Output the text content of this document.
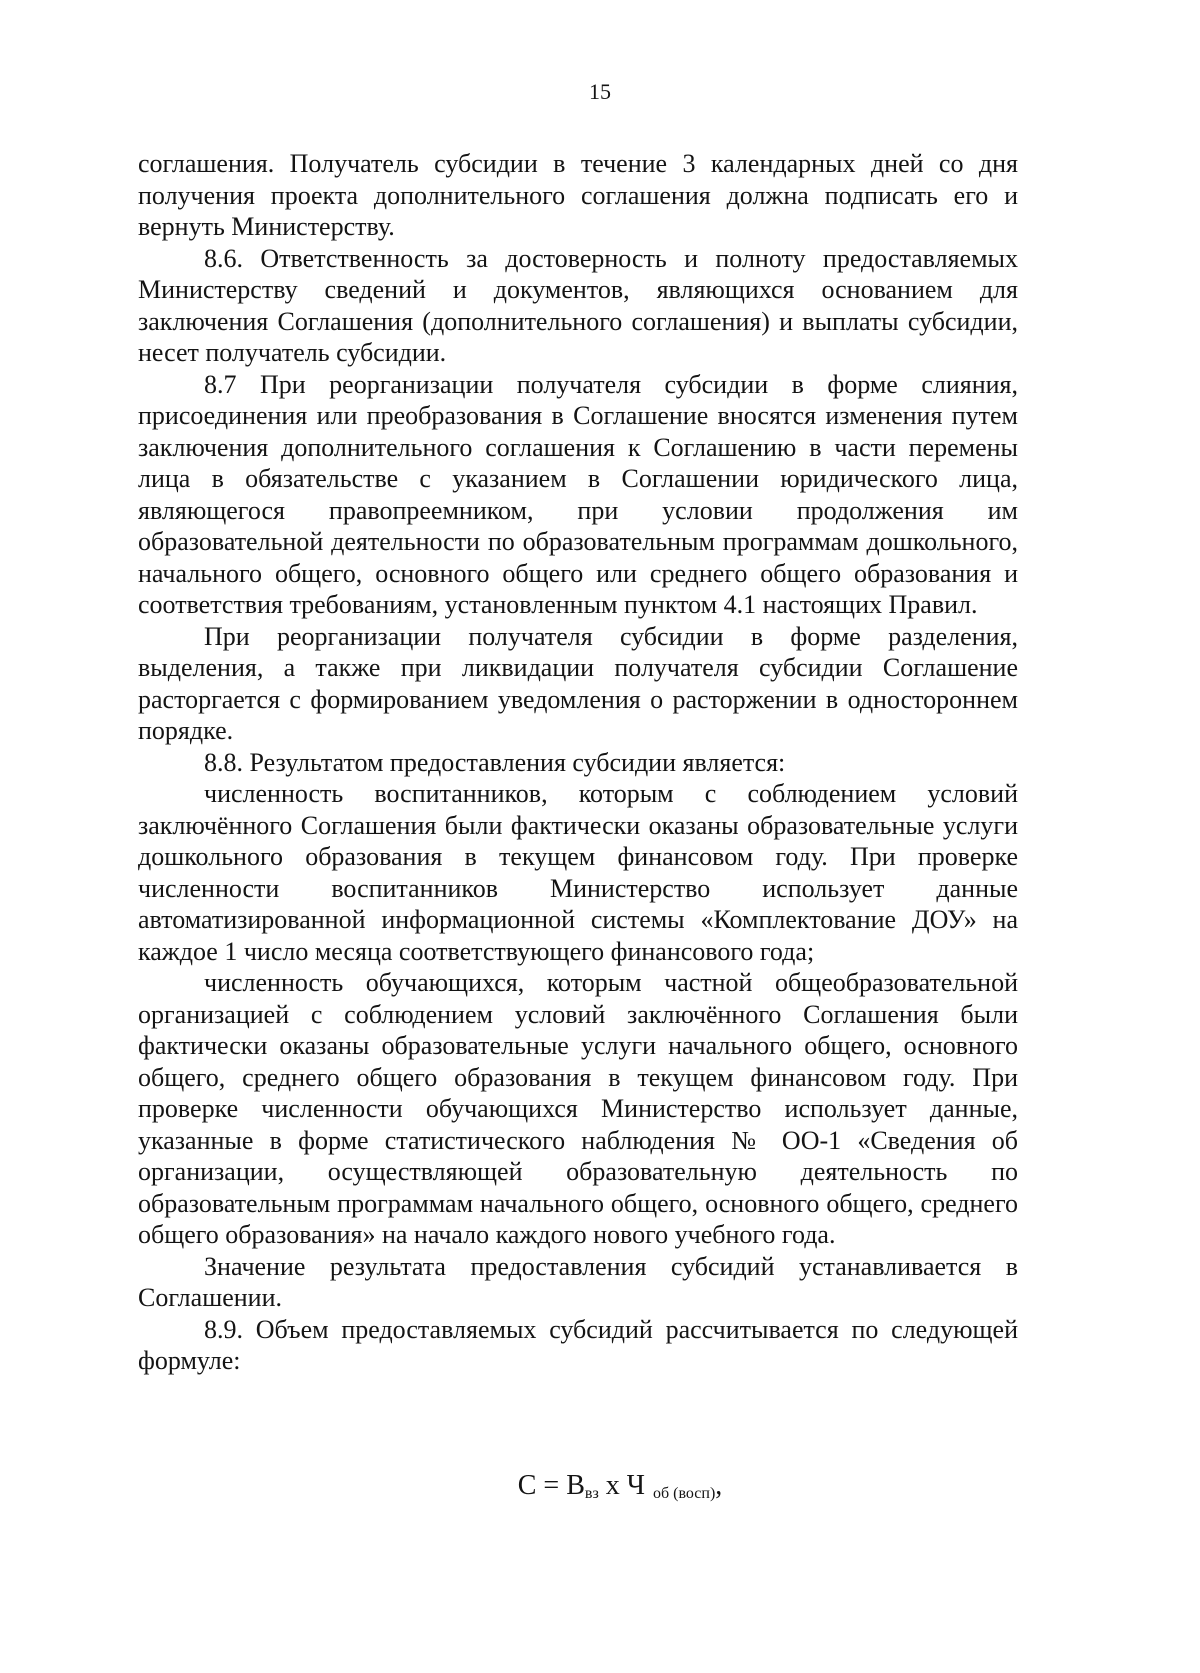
15

соглашения. Получатель субсидии в течение 3 календарных дней со дня получения проекта дополнительного соглашения должна подписать его и вернуть Министерству.

8.6. Ответственность за достоверность и полноту предоставляемых Министерству сведений и документов, являющихся основанием для заключения Соглашения (дополнительного соглашения) и выплаты субсидии, несет получатель субсидии.

8.7 При реорганизации получателя субсидии в форме слияния, присоединения или преобразования в Соглашение вносятся изменения путем заключения дополнительного соглашения к Соглашению в части перемены лица в обязательстве с указанием в Соглашении юридического лица, являющегося правопреемником, при условии продолжения им образовательной деятельности по образовательным программам дошкольного, начального общего, основного общего или среднего общего образования и соответствия требованиям, установленным пунктом 4.1 настоящих Правил.

При реорганизации получателя субсидии в форме разделения, выделения, а также при ликвидации получателя субсидии Соглашение расторгается с формированием уведомления о расторжении в одностороннем порядке.

8.8. Результатом предоставления субсидии является:

численность воспитанников, которым с соблюдением условий заключённого Соглашения были фактически оказаны образовательные услуги дошкольного образования в текущем финансовом году. При проверке численности воспитанников Министерство использует данные автоматизированной информационной системы «Комплектование ДОУ» на каждое 1 число месяца соответствующего финансового года;

численность обучающихся, которым частной общеобразовательной организацией с соблюдением условий заключённого Соглашения были фактически оказаны образовательные услуги начального общего, основного общего, среднего общего образования в текущем финансовом году. При проверке численности обучающихся Министерство использует данные, указанные в форме статистического наблюдения № ОО-1 «Сведения об организации, осуществляющей образовательную деятельность по образовательным программам начального общего, основного общего, среднего общего образования» на начало каждого нового учебного года.

Значение результата предоставления субсидий устанавливается в Соглашении.

8.9. Объем предоставляемых субсидий рассчитывается по следующей формуле:

$С = В_{вз}$ х Ч $_{об (восп)}$,
